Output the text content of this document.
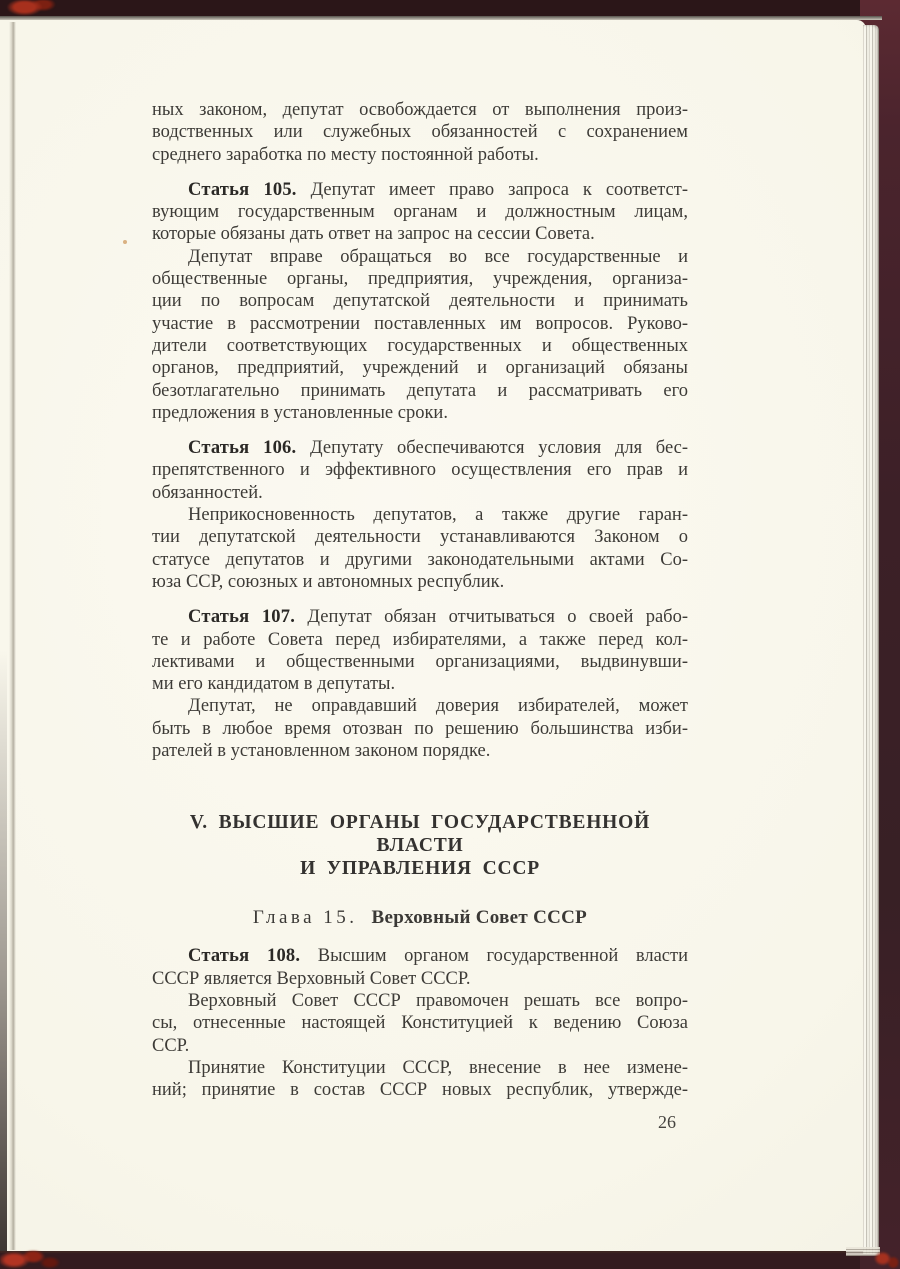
ных законом, депутат освобождается от выполнения произ-
водственных или служебных обязанностей с сохранением
среднего заработка по месту постоянной работы.
Статья 105. Депутат имеет право запроса к соответст-
вующим государственным органам и должностным лицам,
которые обязаны дать ответ на запрос на сессии Совета.
Депутат вправе обращаться во все государственные и
общественные органы, предприятия, учреждения, организа-
ции по вопросам депутатской деятельности и принимать
участие в рассмотрении поставленных им вопросов. Руково-
дители соответствующих государственных и общественных
органов, предприятий, учреждений и организаций обязаны
безотлагательно принимать депутата и рассматривать его
предложения в установленные сроки.
Статья 106. Депутату обеспечиваются условия для бес-
препятственного и эффективного осуществления его прав и
обязанностей.
Неприкосновенность депутатов, а также другие гаран-
тии депутатской деятельности устанавливаются Законом о
статусе депутатов и другими законодательными актами Со-
юза ССР, союзных и автономных республик.
Статья 107. Депутат обязан отчитываться о своей рабо-
те и работе Совета перед избирателями, а также перед кол-
лективами и общественными организациями, выдвинувши-
ми его кандидатом в депутаты.
Депутат, не оправдавший доверия избирателей, может
быть в любое время отозван по решению большинства изби-
рателей в установленном законом порядке.
V. ВЫСШИЕ ОРГАНЫ ГОСУДАРСТВЕННОЙ ВЛАСТИ
И УПРАВЛЕНИЯ СССР
Глава 15. Верховный Совет СССР
Статья 108. Высшим органом государственной власти
СССР является Верховный Совет СССР.
Верховный Совет СССР правомочен решать все вопро-
сы, отнесенные настоящей Конституцией к ведению Союза
ССР.
Принятие Конституции СССР, внесение в нее измене-
ний; принятие в состав СССР новых республик, утвержде-
26
